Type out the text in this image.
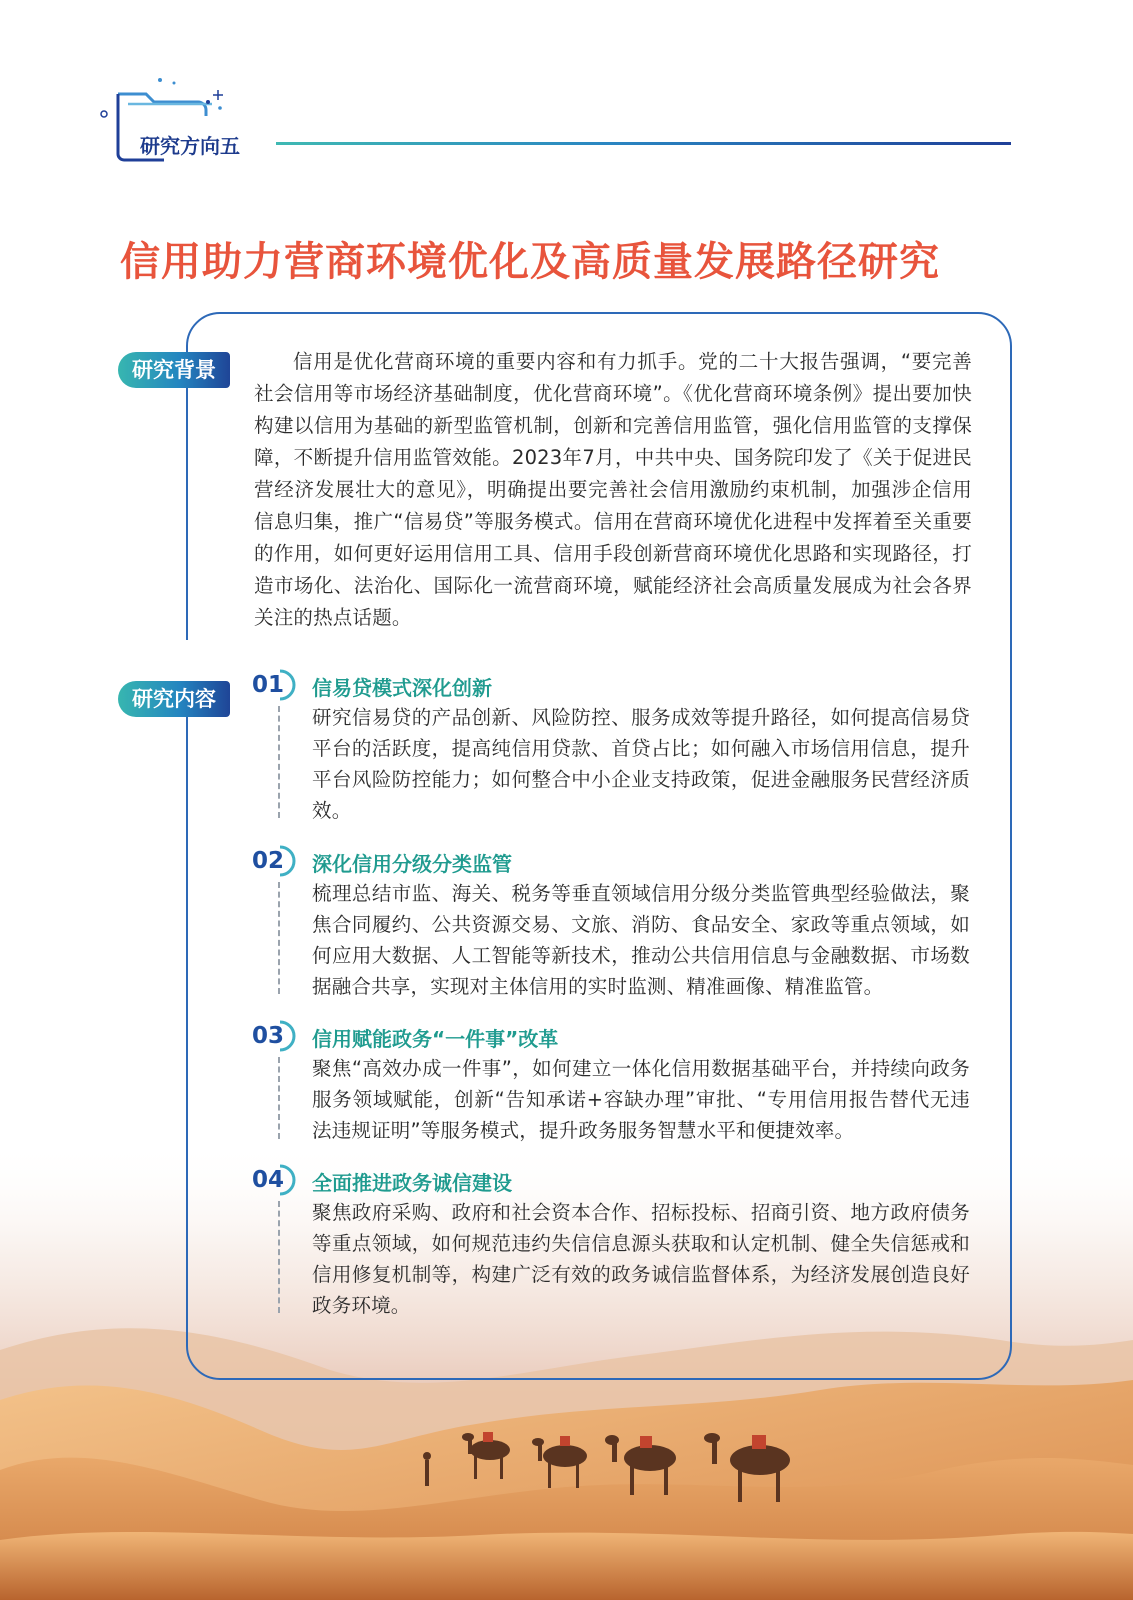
研究方向五
信用助力营商环境优化及高质量发展路径研究
研究背景	信用是优化营商环境的重要内容和有力抓手。党的二十大报告强调，“要完善社会信用等市场经济基础制度，优化营商环境”。《优化营商环境条例》提出要加快构建以信用为基础的新型监管机制，创新和完善信用监管，强化信用监管的支撑保障，不断提升信用监管效能。2023年7月，中共中央、国务院印发了《关于促进民营经济发展壮大的意见》，明确提出要完善社会信用激励约束机制，加强涉企信用信息归集，推广“信易贷”等服务模式。信用在营商环境优化进程中发挥着至关重要的作用，如何更好运用信用工具、信用手段创新营商环境优化思路和实现路径，打造市场化、法治化、国际化一流营商环境，赋能经济社会高质量发展成为社会各界关注的热点话题。
研究内容
01 信易贷模式深化创新
研究信易贷的产品创新、风险防控、服务成效等提升路径，如何提高信易贷平台的活跃度，提高纯信用贷款、首贷占比；如何融入市场信用信息，提升平台风险防控能力；如何整合中小企业支持政策，促进金融服务民营经济质效。
02 深化信用分级分类监管
梳理总结市监、海关、税务等垂直领域信用分级分类监管典型经验做法，聚焦合同履约、公共资源交易、文旅、消防、食品安全、家政等重点领域，如何应用大数据、人工智能等新技术，推动公共信用信息与金融数据、市场数据融合共享，实现对主体信用的实时监测、精准画像、精准监管。
03 信用赋能政务“一件事”改革
聚焦“高效办成一件事”，如何建立一体化信用数据基础平台，并持续向政务服务领域赋能，创新“告知承诺+容缺办理”审批、“专用信用报告替代无违法违规证明”等服务模式，提升政务服务智慧水平和便捷效率。
04 全面推进政务诚信建设
聚焦政府采购、政府和社会资本合作、招标投标、招商引资、地方政府债务等重点领域，如何规范违约失信信息源头获取和认定机制、健全失信惩戒和信用修复机制等，构建广泛有效的政务诚信监督体系，为经济发展创造良好政务环境。
